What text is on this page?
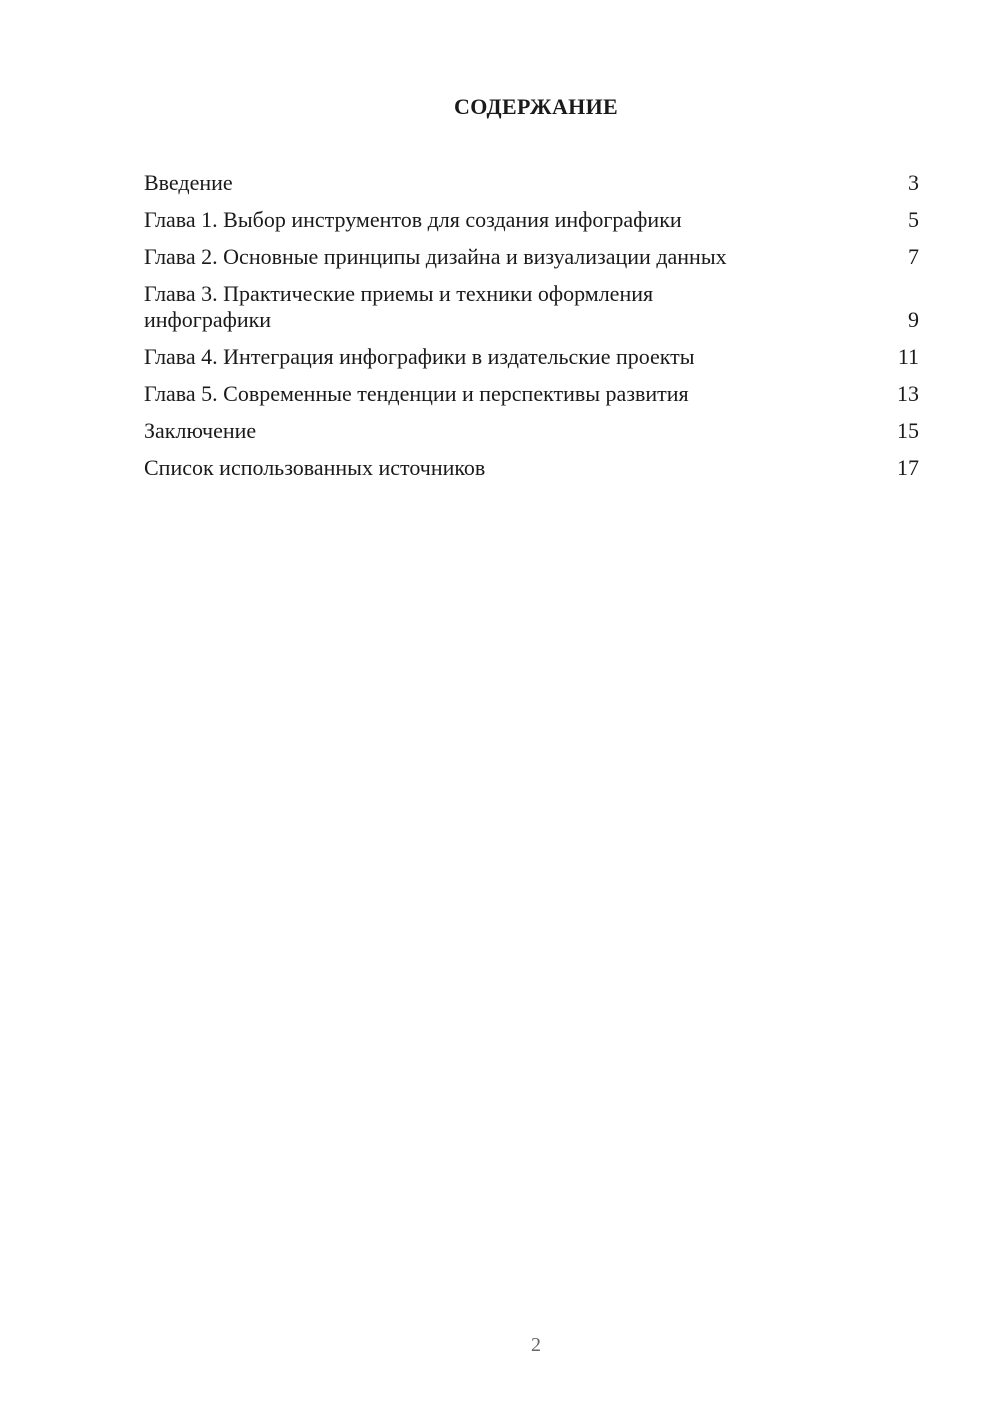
СОДЕРЖАНИЕ
Введение	3
Глава 1. Выбор инструментов для создания инфографики	5
Глава 2. Основные принципы дизайна и визуализации данных	7
Глава 3. Практические приемы и техники оформления инфографики	9
Глава 4. Интеграция инфографики в издательские проекты	11
Глава 5. Современные тенденции и перспективы развития	13
Заключение	15
Список использованных источников	17
2
